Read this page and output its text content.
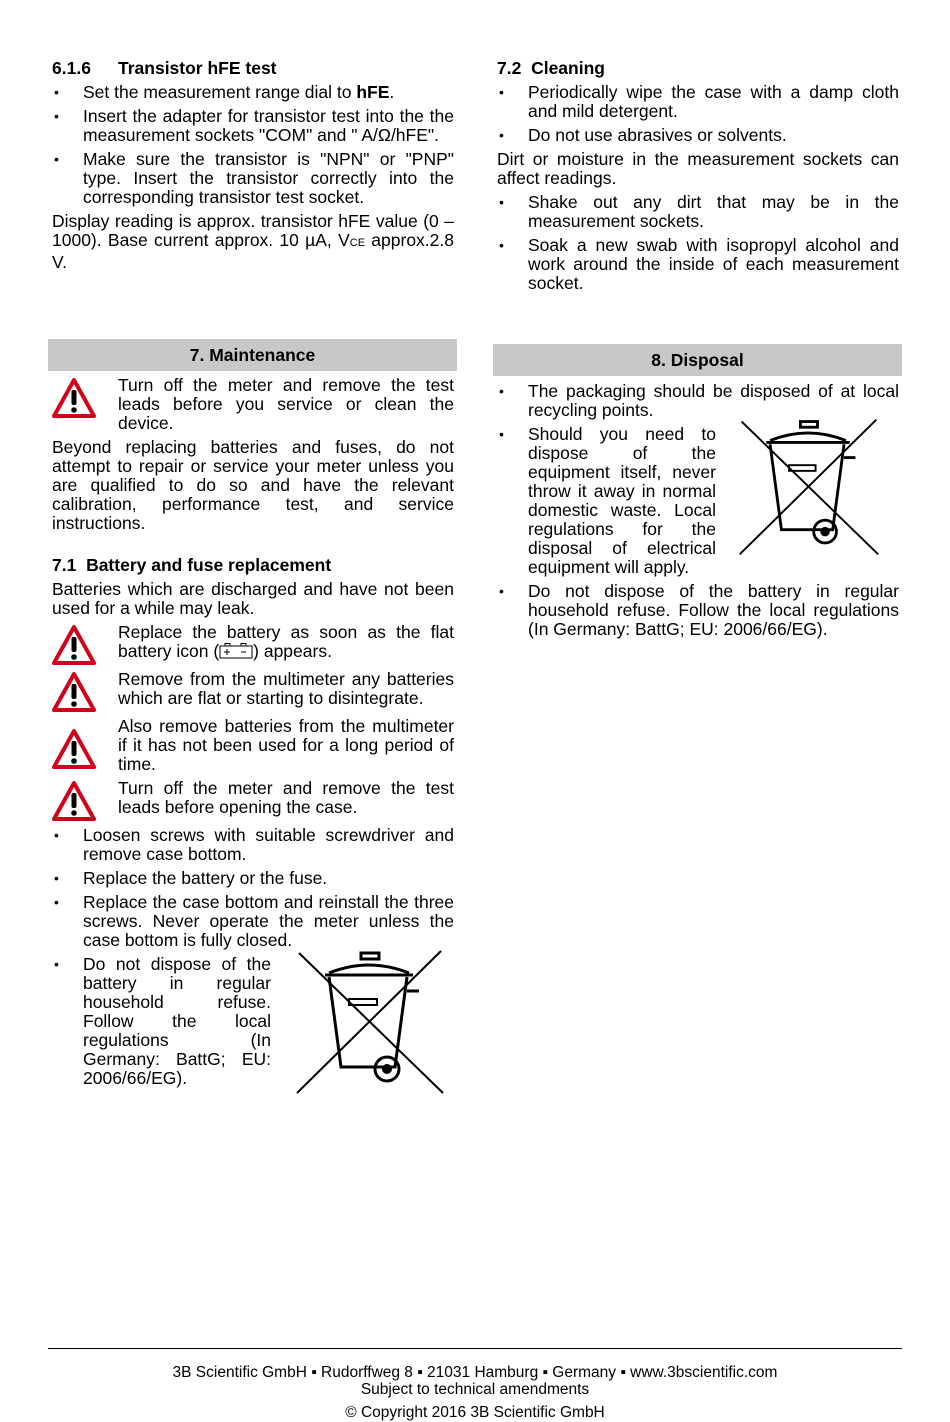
6.1.6 Transistor hFE test
• Set the measurement range dial to hFE.
• Insert the adapter for transistor test into the the measurement sockets "COM" and " A/Ω/hFE".
• Make sure the transistor is "NPN" or "PNP" type. Insert the transistor correctly into the corresponding transistor test socket.

Display reading is approx. transistor hFE value (0 – 1000). Base current approx. 10 µA, VCE approx.2.8 V.

7. Maintenance
Turn off the meter and remove the test leads before you service or clean the device.

Beyond replacing batteries and fuses, do not attempt to repair or service your meter unless you are qualified to do so and have the relevant calibration, performance test, and service instructions.

7.1 Battery and fuse replacement

Batteries which are discharged and have not been used for a while may leak.

Replace the battery as soon as the flat battery icon ( ) appears.
Remove from the multimeter any batteries which are flat or starting to disintegrate.
Also remove batteries from the multimeter if it has not been used for a long period of time.
Turn off the meter and remove the test leads before opening the case.
• Loosen screws with suitable screwdriver and remove case bottom.
• Replace the battery or the fuse.
• Replace the case bottom and reinstall the three screws. Never operate the meter unless the case bottom is fully closed.
• Do not dispose of the battery in regular household refuse. Follow the local regulations (In Germany: BattG; EU: 2006/66/EG).
7.2 Cleaning
• Periodically wipe the case with a damp cloth and mild detergent.
• Do not use abrasives or solvents.

Dirt or moisture in the measurement sockets can affect readings.

• Shake out any dirt that may be in the measurement sockets.
• Soak a new swab with isopropyl alcohol and work around the inside of each measurement socket.
8. Disposal
• The packaging should be disposed of at local recycling points.
• Should you need to dispose of the equipment itself, never throw it away in normal domestic waste. Local regulations for the disposal of electrical equipment will apply.
• Do not dispose of the battery in regular household refuse. Follow the local regulations (In Germany: BattG; EU: 2006/66/EG).
3B Scientific GmbH ▪ Rudorffweg 8 ▪ 21031 Hamburg ▪ Germany ▪ www.3bscientific.com
Subject to technical amendments
© Copyright 2016 3B Scientific GmbH
